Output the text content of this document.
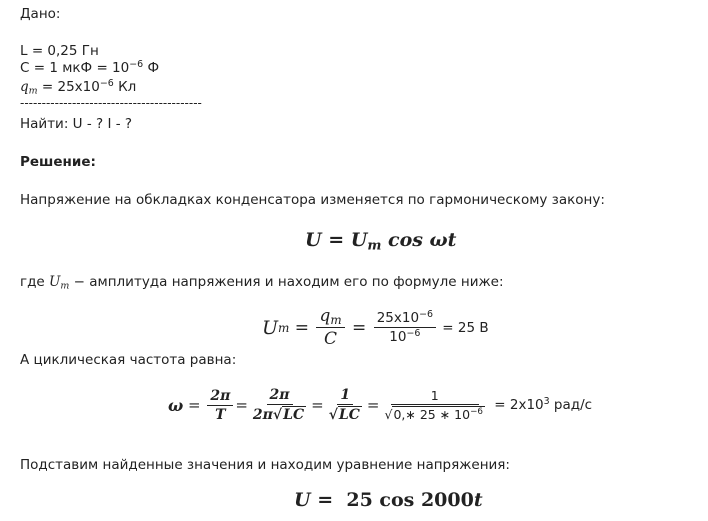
Дано:
L = 0,25 Гн
C = 1 мкФ = $10^{-6}$ Ф
$q_m = 25x10^{-6}$ Кл
------------------------------------------
Найти: U - ? I - ?
Решение:
Напряжение на обкладках конденсатора изменяется по гармоническому закону:
$U = U_m$ cos ωt
где $U_m$ − амплитуда напряжения и находим его по формуле ниже:
U $m = \frac{q_m}{C} = \frac{25x10^{-6}}{10^{-6}} = 25$ В
А циклическая частота равна:
$\omega = \frac{2\pi}{T} = \frac{2\pi}{2\pi√LC} = \frac{1}{√LC} = \frac{1}{√0,∗ 25 ∗ 10^{-6}} = 2x10^3$ рад/с
Подставим найденные значения и находим уравнение напряжения:
U =  25 cos 2000t
